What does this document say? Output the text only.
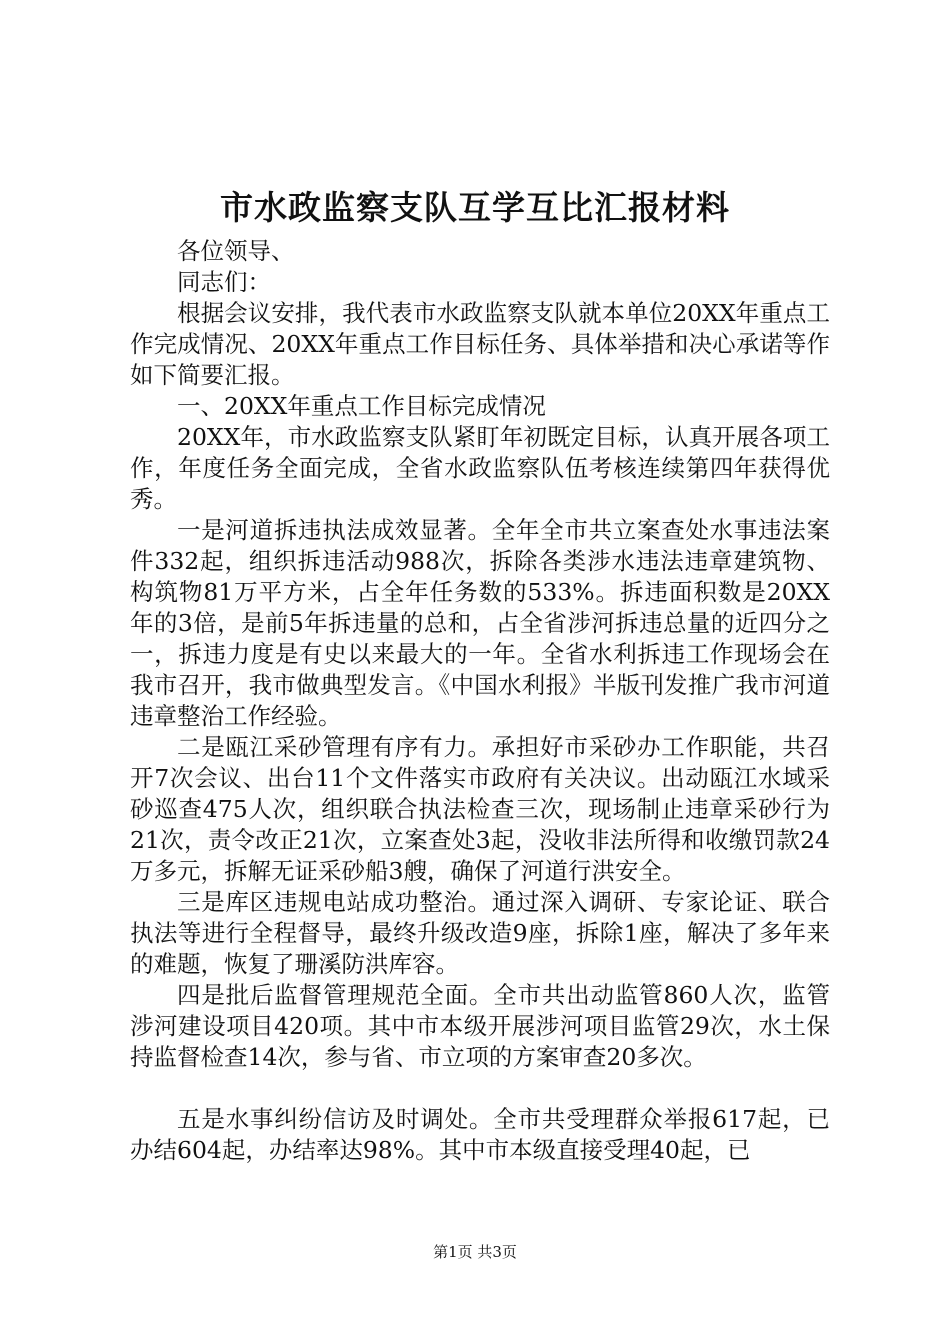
市水政监察支队互学互比汇报材料

各位领导、

同志们：

根据会议安排，我代表市水政监察支队就本单位20XX年重点工作完成情况、20XX年重点工作目标任务、具体举措和决心承诺等作如下简要汇报。

一、20XX年重点工作目标完成情况

20XX年，市水政监察支队紧盯年初既定目标，认真开展各项工作，年度任务全面完成，全省水政监察队伍考核连续第四年获得优秀。

一是河道拆违执法成效显著。全年全市共立案查处水事违法案件332起，组织拆违活动988次，拆除各类涉水违法违章建筑物、构筑物81万平方米，占全年任务数的533%。拆违面积数是20XX年的3倍，是前5年拆违量的总和，占全省涉河拆违总量的近四分之一，拆违力度是有史以来最大的一年。全省水利拆违工作现场会在我市召开，我市做典型发言。《中国水利报》半版刊发推广我市河道违章整治工作经验。

二是瓯江采砂管理有序有力。承担好市采砂办工作职能，共召开7次会议、出台11个文件落实市政府有关决议。出动瓯江水域采砂巡查475人次，组织联合执法检查三次，现场制止违章采砂行为21次，责令改正21次，立案查处3起，没收非法所得和收缴罚款24万多元，拆解无证采砂船3艘，确保了河道行洪安全。

三是库区违规电站成功整治。通过深入调研、专家论证、联合执法等进行全程督导，最终升级改造9座，拆除1座，解决了多年来的难题，恢复了珊溪防洪库容。

四是批后监督管理规范全面。全市共出动监管860人次，监管涉河建设项目420项。其中市本级开展涉河项目监管29次，水土保持监督检查14次，参与省、市立项的方案审查20多次。

五是水事纠纷信访及时调处。全市共受理群众举报617起，已办结604起，办结率达98%。其中市本级直接受理40起，已

第1页 共3页
